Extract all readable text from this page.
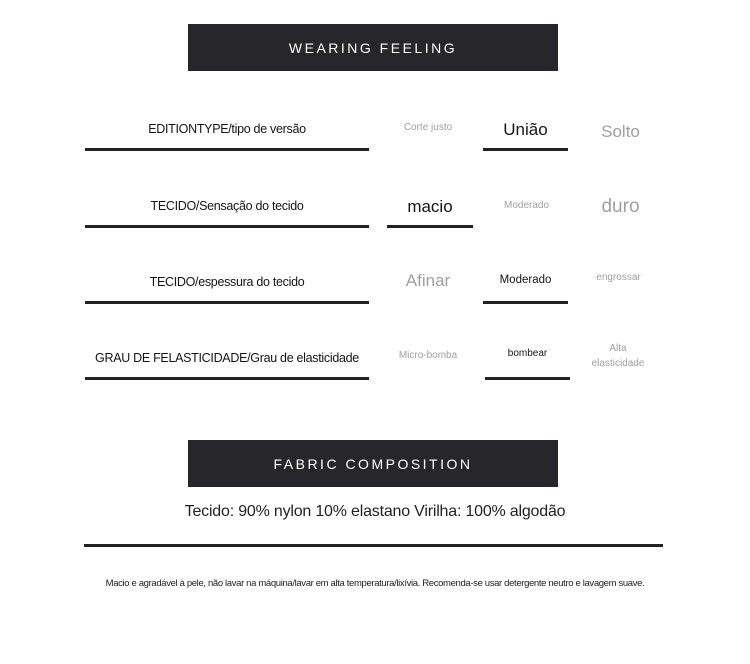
WEARING FEELING
EDITIONTYPE/tipo de versão	Corte justo	União	Solto
TECIDO/Sensação do tecido	macio	Moderado	duro
TECIDO/espessura do tecido	Afinar	Moderado	engrossar
GRAU DE FELASTICIDADE/Grau de elasticidade	Micro-bomba	bombear	Alta elasticidade
FABRIC COMPOSITION
Tecido: 90% nylon 10% elastano Virilha: 100% algodão
Macio e agradável à pele, não lavar na máquina/lavar em alta temperatura/lixívia. Recomenda-se usar detergente neutro e lavagem suave.
